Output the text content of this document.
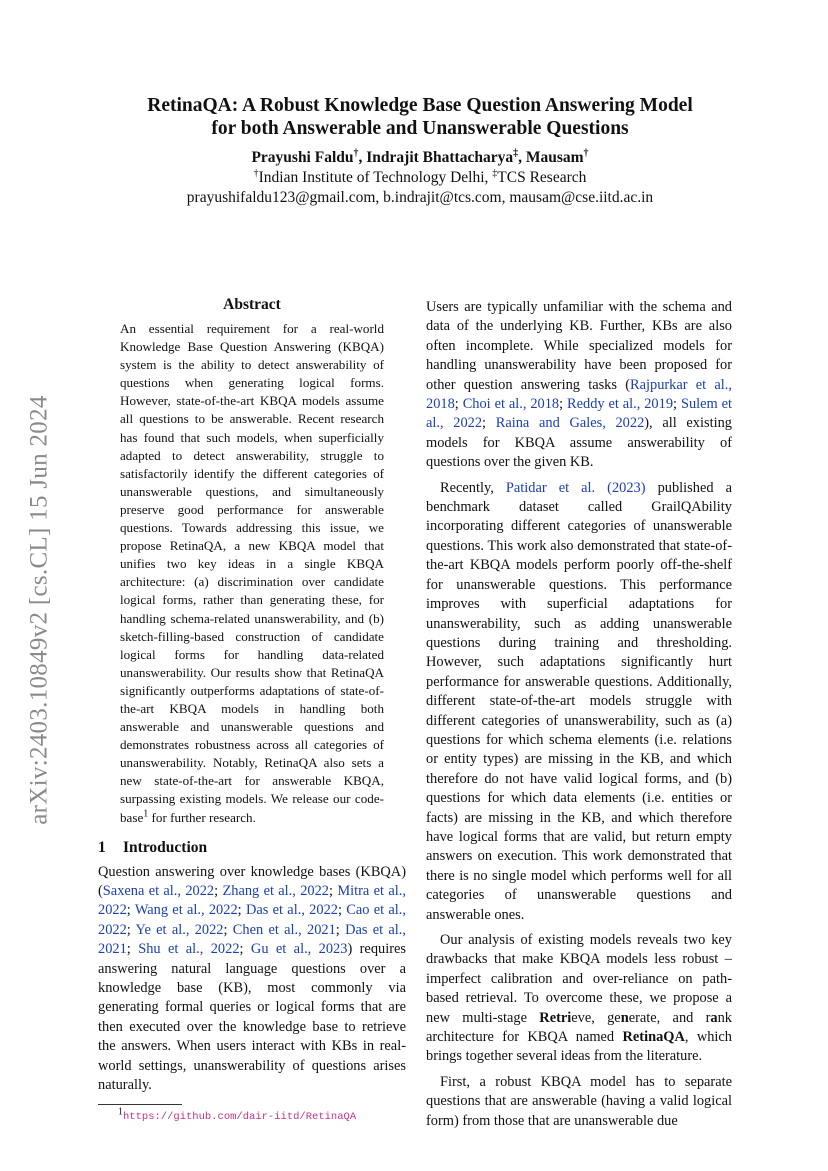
arXiv:2403.10849v2 [cs.CL] 15 Jun 2024
RetinaQA: A Robust Knowledge Base Question Answering Model
for both Answerable and Unanswerable Questions
Prayushi Faldu†, Indrajit Bhattacharya‡, Mausam†
†Indian Institute of Technology Delhi, ‡TCS Research
prayushifaldu123@gmail.com, b.indrajit@tcs.com, mausam@cse.iitd.ac.in
Abstract

An essential requirement for a real-world Knowledge Base Question Answering (KBQA) system is the ability to detect answerability of questions when generating logical forms. However, state-of-the-art KBQA models assume all questions to be answerable. Recent research has found that such models, when superficially adapted to detect answerability, struggle to satisfactorily identify the different categories of unanswerable questions, and simultaneously preserve good performance for answerable questions. Towards addressing this issue, we propose RetinaQA, a new KBQA model that unifies two key ideas in a single KBQA architecture: (a) discrimination over candidate logical forms, rather than generating these, for handling schema-related unanswerability, and (b) sketch-filling-based construction of candidate logical forms for handling data-related unanswerability. Our results show that RetinaQA significantly outperforms adaptations of state-of-the-art KBQA models in handling both answerable and unanswerable questions and demonstrates robustness across all categories of unanswerability. Notably, RetinaQA also sets a new state-of-the-art for answerable KBQA, surpassing existing models. We release our code-base$^1$ for further research.

1 Introduction

Question answering over knowledge bases (KBQA) (Saxena et al., 2022; Zhang et al., 2022; Mitra et al., 2022; Wang et al., 2022; Das et al., 2022; Cao et al., 2022; Ye et al., 2022; Chen et al., 2021; Das et al., 2021; Shu et al., 2022; Gu et al., 2023) requires answering natural language questions over a knowledge base (KB), most commonly via generating formal queries or logical forms that are then executed over the knowledge base to retrieve the answers. When users interact with KBs in real-world settings, unanswerability of questions arises naturally.

$^1$https://github.com/dair-iitd/RetinaQA

Users are typically unfamiliar with the schema and data of the underlying KB. Further, KBs are also often incomplete. While specialized models for handling unanswerability have been proposed for other question answering tasks (Rajpurkar et al., 2018; Choi et al., 2018; Reddy et al., 2019; Sulem et al., 2022; Raina and Gales, 2022), all existing models for KBQA assume answerability of questions over the given KB.

Recently, Patidar et al. (2023) published a benchmark dataset called GrailQAbility incorporating different categories of unanswerable questions. This work also demonstrated that state-of-the-art KBQA models perform poorly off-the-shelf for unanswerable questions. This performance improves with superficial adaptations for unanswerability, such as adding unanswerable questions during training and thresholding. However, such adaptations significantly hurt performance for answerable questions. Additionally, different state-of-the-art models struggle with different categories of unanswerability, such as (a) questions for which schema elements (i.e. relations or entity types) are missing in the KB, and which therefore do not have valid logical forms, and (b) questions for which data elements (i.e. entities or facts) are missing in the KB, and which therefore have logical forms that are valid, but return empty answers on execution. This work demonstrated that there is no single model which performs well for all categories of unanswerable questions and answerable ones.

Our analysis of existing models reveals two key drawbacks that make KBQA models less robust – imperfect calibration and over-reliance on path-based retrieval. To overcome these, we propose a new multi-stage Retrieve, generate, and rank architecture for KBQA named RetinaQA, which brings together several ideas from the literature.

First, a robust KBQA model has to separate questions that are answerable (having a valid logical form) from those that are unanswerable due
